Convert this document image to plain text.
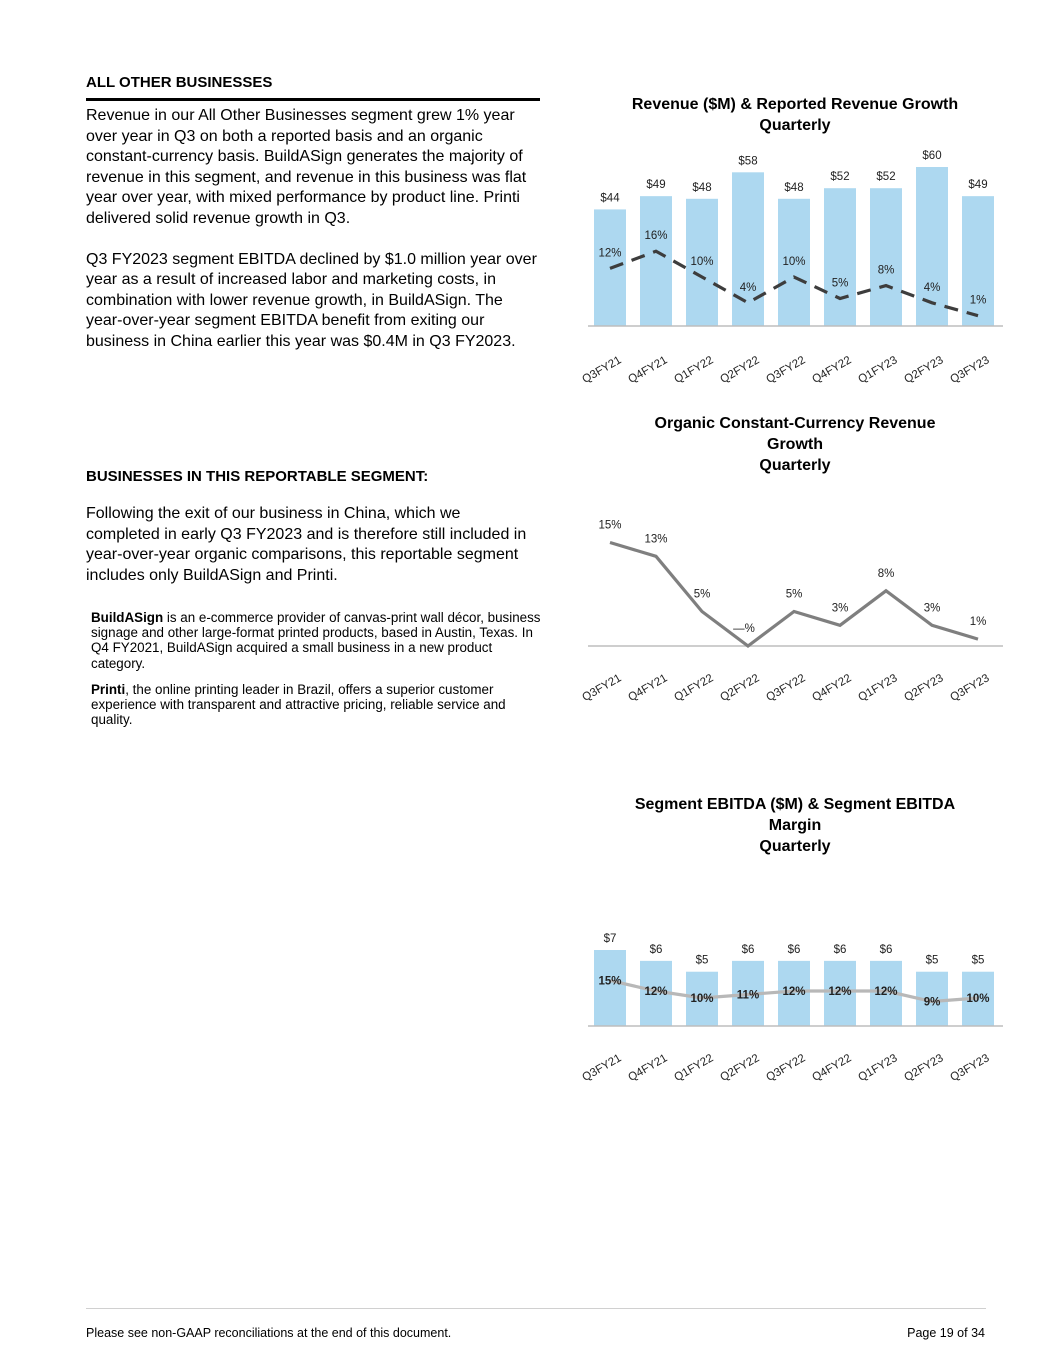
ALL OTHER BUSINESSES

Revenue in our All Other Businesses segment grew 1% year over year in Q3 on both a reported basis and an organic constant-currency basis. BuildASign generates the majority of revenue in this segment, and revenue in this business was flat year over year, with mixed performance by product line. Printi delivered solid revenue growth in Q3.

Q3 FY2023 segment EBITDA declined by $1.0 million year over year as a result of increased labor and marketing costs, in combination with lower revenue growth, in BuildASign. The year-over-year segment EBITDA benefit from exiting our business in China earlier this year was $0.4M in Q3 FY2023.

BUSINESSES IN THIS REPORTABLE SEGMENT:

Following the exit of our business in China, which we completed in early Q3 FY2023 and is therefore still included in year-over-year organic comparisons, this reportable segment includes only BuildASign and Printi.

BuildASign is an e-commerce provider of canvas-print wall décor, business signage and other large-format printed products, based in Austin, Texas. In Q4 FY2021, BuildASign acquired a small business in a new product category.

Printi, the online printing leader in Brazil, offers a superior customer experience with transparent and attractive pricing, reliable service and quality.

Revenue ($M) & Reported Revenue Growth
Quarterly
$44
$49 $48
$58
$48
$52 $52
$60
$49
12%
16%
10%
4%
10%
5%
8%
4%
1%
Q3FY21 Q4FY21 Q1FY22 Q2FY22 Q3FY22 Q4FY22 Q1FY23 Q2FY23 Q3FY23
Organic Constant-Currency Revenue
Growth
Quarterly
15%
13%
5%
—%
5%
3%
8%
3%
1%
Q3FY21 Q4FY21 Q1FY22 Q2FY22 Q3FY22 Q4FY22 Q1FY23 Q2FY23 Q3FY23
Segment EBITDA ($M) & Segment EBITDA
Margin
Quarterly
$7
$6
$5
$6	$6	$6	$6
$5	$5
15%
12%
10% 11% 12% 12% 12%
9% 10%
Q3FY21 Q4FY21 Q1FY22 Q2FY22 Q3FY22 Q4FY22 Q1FY23 Q2FY23 Q3FY23
Please see non-GAAP reconciliations at the end of this document.	Page 19 of 34
